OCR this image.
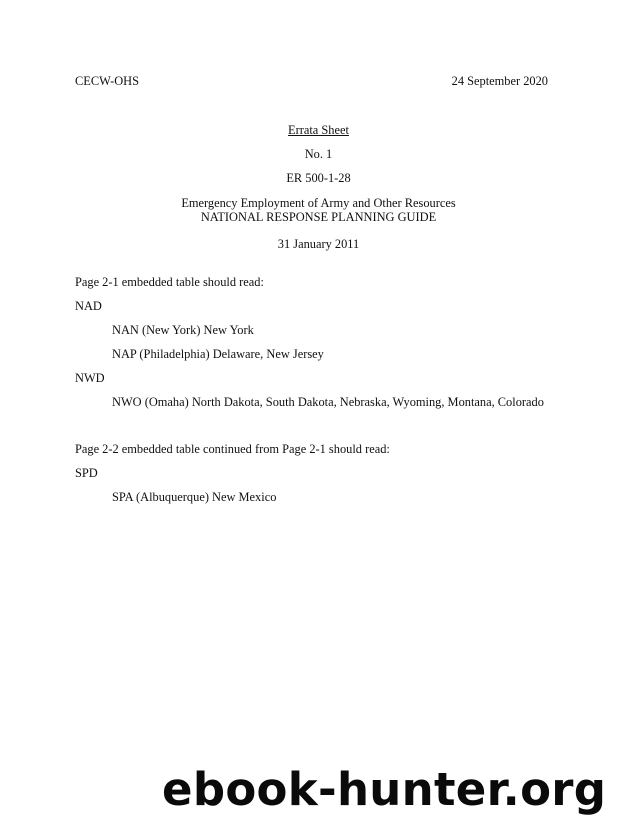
CECW-OHS	24 September 2020
Errata Sheet
No. 1
ER 500-1-28
Emergency Employment of Army and Other Resources
NATIONAL RESPONSE PLANNING GUIDE
31 January 2011
Page 2-1 embedded table should read:
NAD
NAN (New York) New York
NAP (Philadelphia) Delaware, New Jersey
NWD
NWO (Omaha) North Dakota, South Dakota, Nebraska, Wyoming, Montana, Colorado
Page 2-2 embedded table continued from Page 2-1 should read:
SPD
SPA (Albuquerque) New Mexico
ebook-hunter.org
